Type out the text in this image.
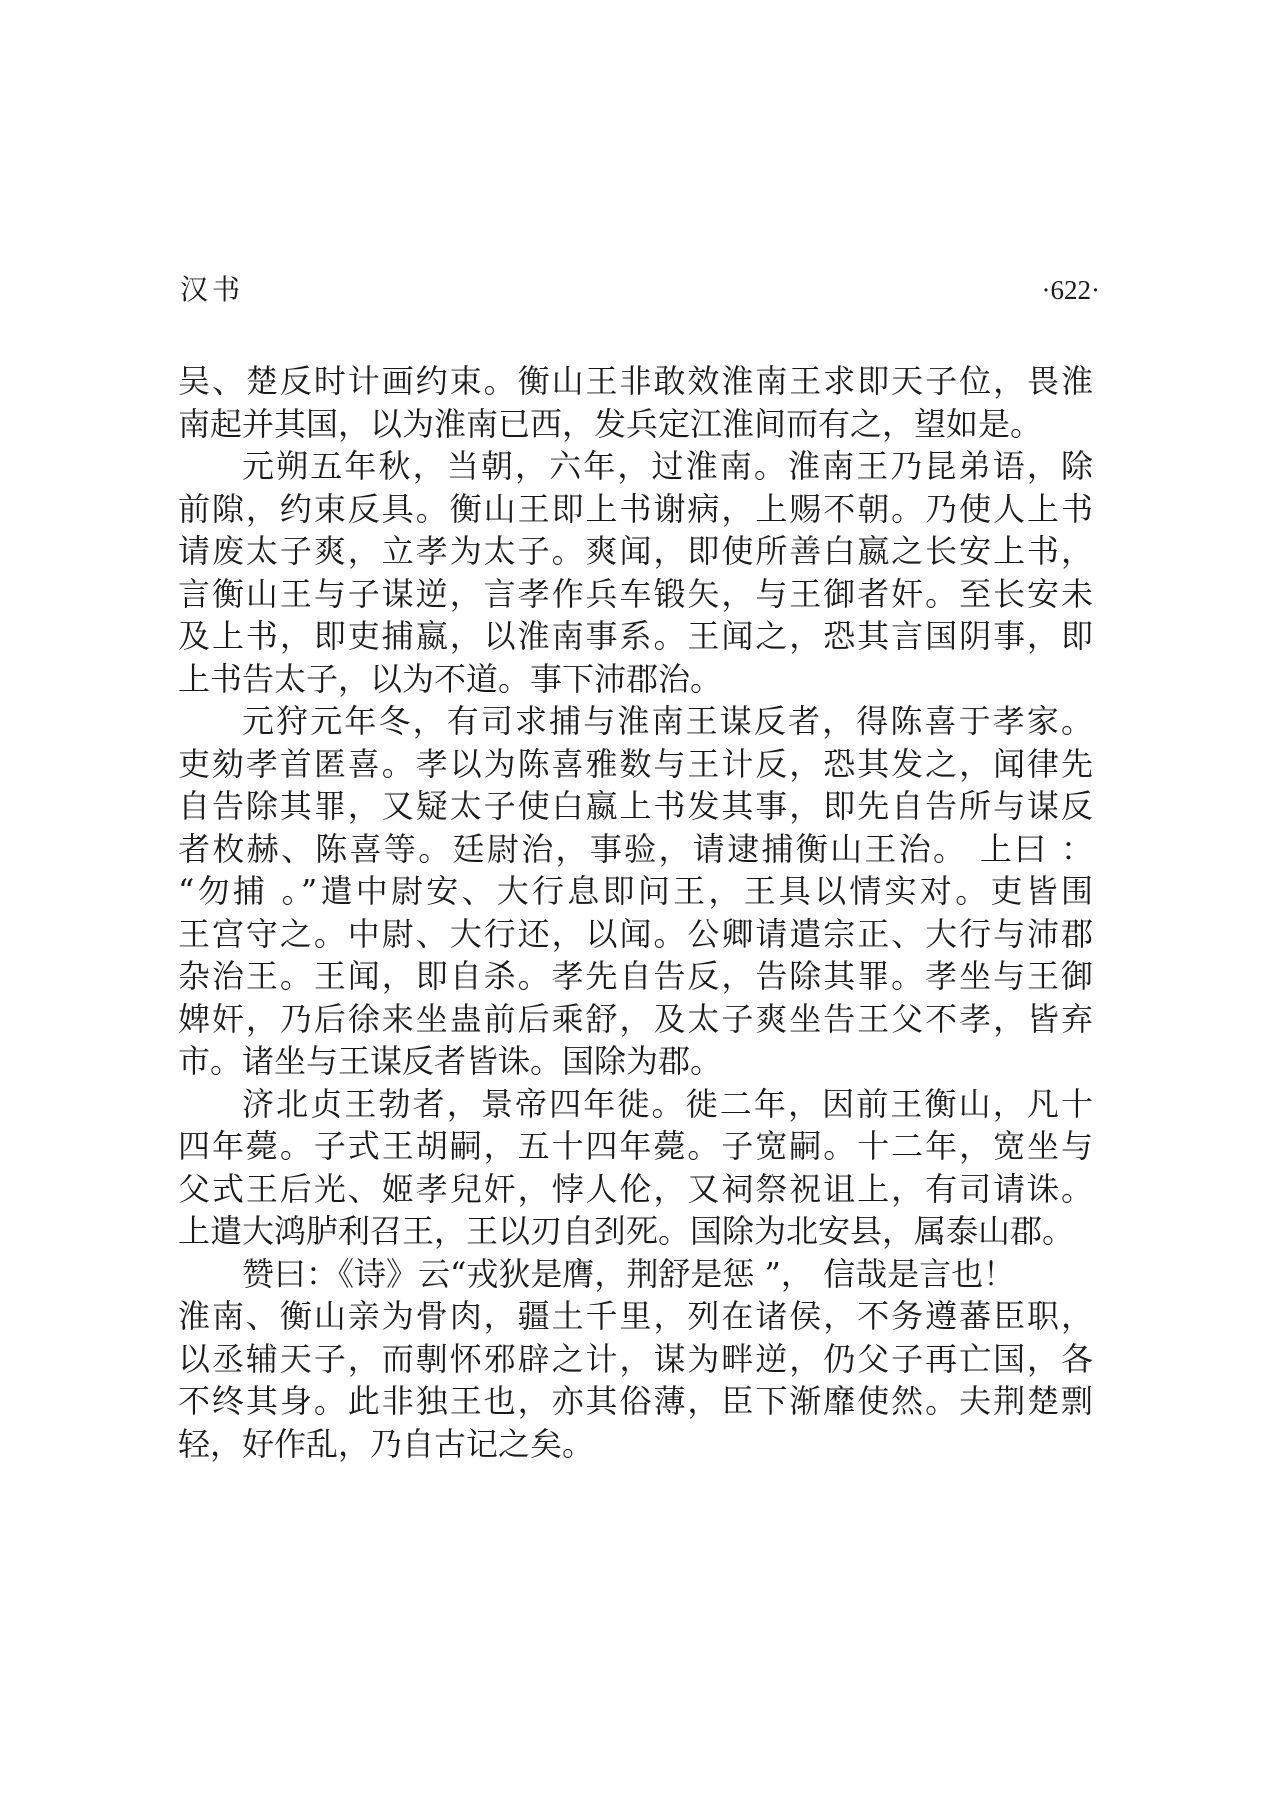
汉书	·622·
吴、楚反时计画约束。衡山王非敢效淮南王求即天子位，畏淮
南起并其国，以为淮南已西，发兵定江淮间而有之，望如是。
元朔五年秋，当朝，六年，过淮南。淮南王乃昆弟语，除
前隙，约束反具。衡山王即上书谢病，上赐不朝。乃使人上书
请废太子爽，立孝为太子。爽闻，即使所善白嬴之长安上书，
言衡山王与子谋逆，言孝作兵车锻矢，与王御者奸。至长安未
及上书，即吏捕嬴，以淮南事系。王闻之，恐其言国阴事，即
上书告太子，以为不道。事下沛郡治。
元狩元年冬，有司求捕与淮南王谋反者，得陈喜于孝家。
吏劾孝首匿喜。孝以为陈喜雅数与王计反，恐其发之，闻律先
自告除其罪，又疑太子使白嬴上书发其事，即先自告所与谋反
者枚赫、陈喜等。廷尉治，事验，请逮捕衡山王治。 上曰 ：
“勿捕 。”遣中尉安、大行息即问王，王具以情实对。吏皆围
王宫守之。中尉、大行还，以闻。公卿请遣宗正、大行与沛郡
杂治王。王闻，即自杀。孝先自告反，告除其罪。孝坐与王御
婢奸，乃后徐来坐蛊前后乘舒，及太子爽坐告王父不孝，皆弃
市。诸坐与王谋反者皆诛。国除为郡。
济北贞王勃者，景帝四年徙。徙二年，因前王衡山，凡十
四年薨。子式王胡嗣，五十四年薨。子宽嗣。十二年，宽坐与
父式王后光、姬孝兒奸，悖人伦，又祠祭祝诅上，有司请诛。
上遣大鸿胪利召王，王以刃自刭死。国除为北安县，属泰山郡。
赞曰：《诗》云“戎狄是膺，荆舒是惩 ”， 信哉是言也！
淮南、衡山亲为骨肉，疆土千里，列在诸侯，不务遵蕃臣职，
以丞辅天子，而剸怀邪辟之计，谋为畔逆，仍父子再亡国，各
不终其身。此非独王也，亦其俗薄，臣下渐靡使然。夫荆楚剽
轻，好作乱，乃自古记之矣。
